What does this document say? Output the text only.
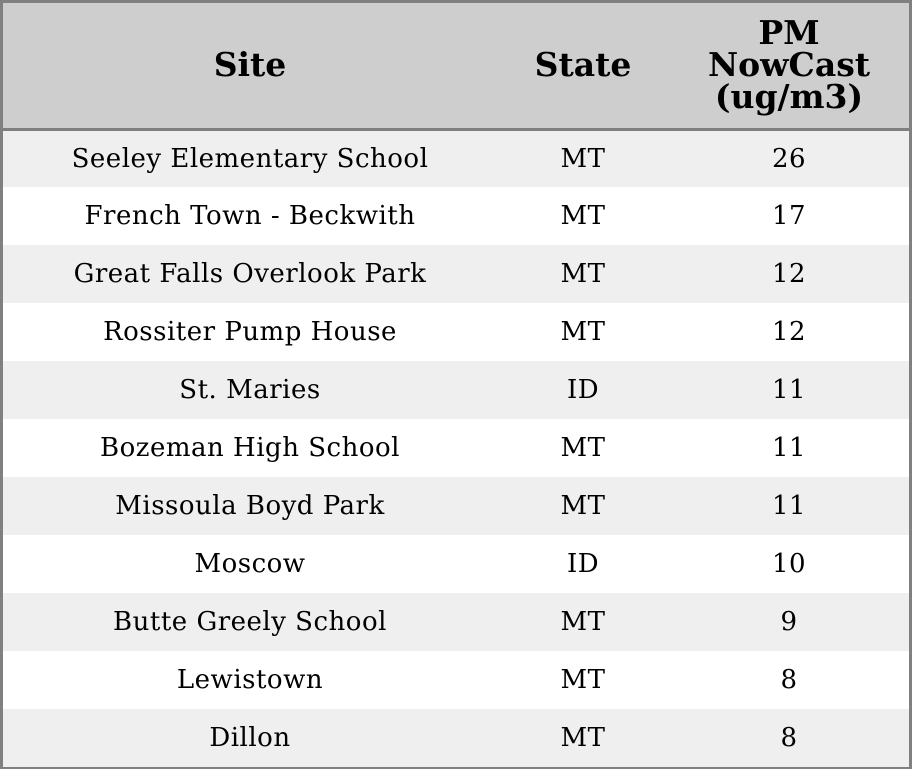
Site	State	PM
NowCast
(ug/m3)
Seeley Elementary School	MT	26
French Town - Beckwith	MT	17
Great Falls Overlook Park	MT	12
Rossiter Pump House	MT	12
St. Maries	ID	11
Bozeman High School	MT	11
Missoula Boyd Park	MT	11
Moscow	ID	10
Butte Greely School	MT	9
Lewistown	MT	8
Dillon	MT	8
